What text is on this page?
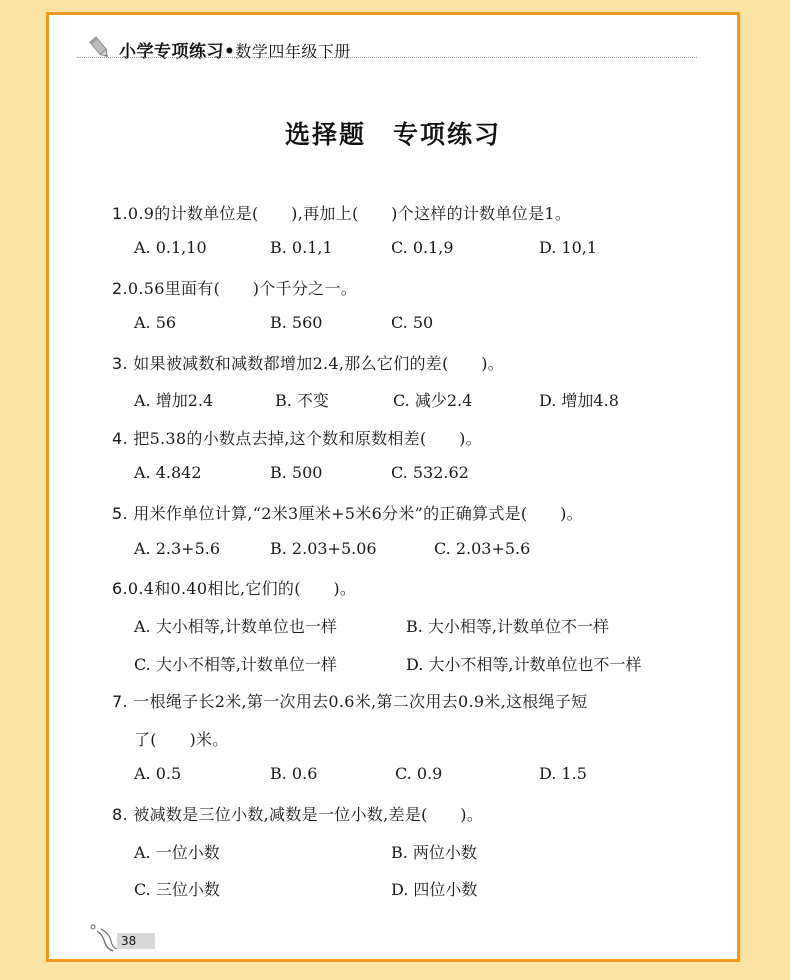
小学专项练习•数学四年级下册
选择题　专项练习
1.0.9的计数单位是(　　),再加上(　　)个这样的计数单位是1。
A. 0.1,10	B. 0.1,1	C. 0.1,9	D. 10,1
2.0.56里面有(　　)个千分之一。
A. 56	B. 560	C. 50
3. 如果被减数和减数都增加2.4,那么它们的差(　　)。
A. 增加2.4	B. 不变	C. 减少2.4	D. 增加4.8
4. 把5.38的小数点去掉,这个数和原数相差(　　)。
A. 4.842	B. 500	C. 532.62
5. 用米作单位计算,“2米3厘米+5米6分米”的正确算式是(　　)。
A. 2.3+5.6	B. 2.03+5.06	C. 2.03+5.6
6.0.4和0.40相比,它们的(　　)。
A. 大小相等,计数单位也一样	B. 大小相等,计数单位不一样
C. 大小不相等,计数单位一样	D. 大小不相等,计数单位也不一样
7. 一根绳子长2米,第一次用去0.6米,第二次用去0.9米,这根绳子短
了(　　)米。
A. 0.5	B. 0.6	C. 0.9	D. 1.5
8. 被减数是三位小数,减数是一位小数,差是(　　)。
A. 一位小数	B. 两位小数
C. 三位小数	D. 四位小数
38
